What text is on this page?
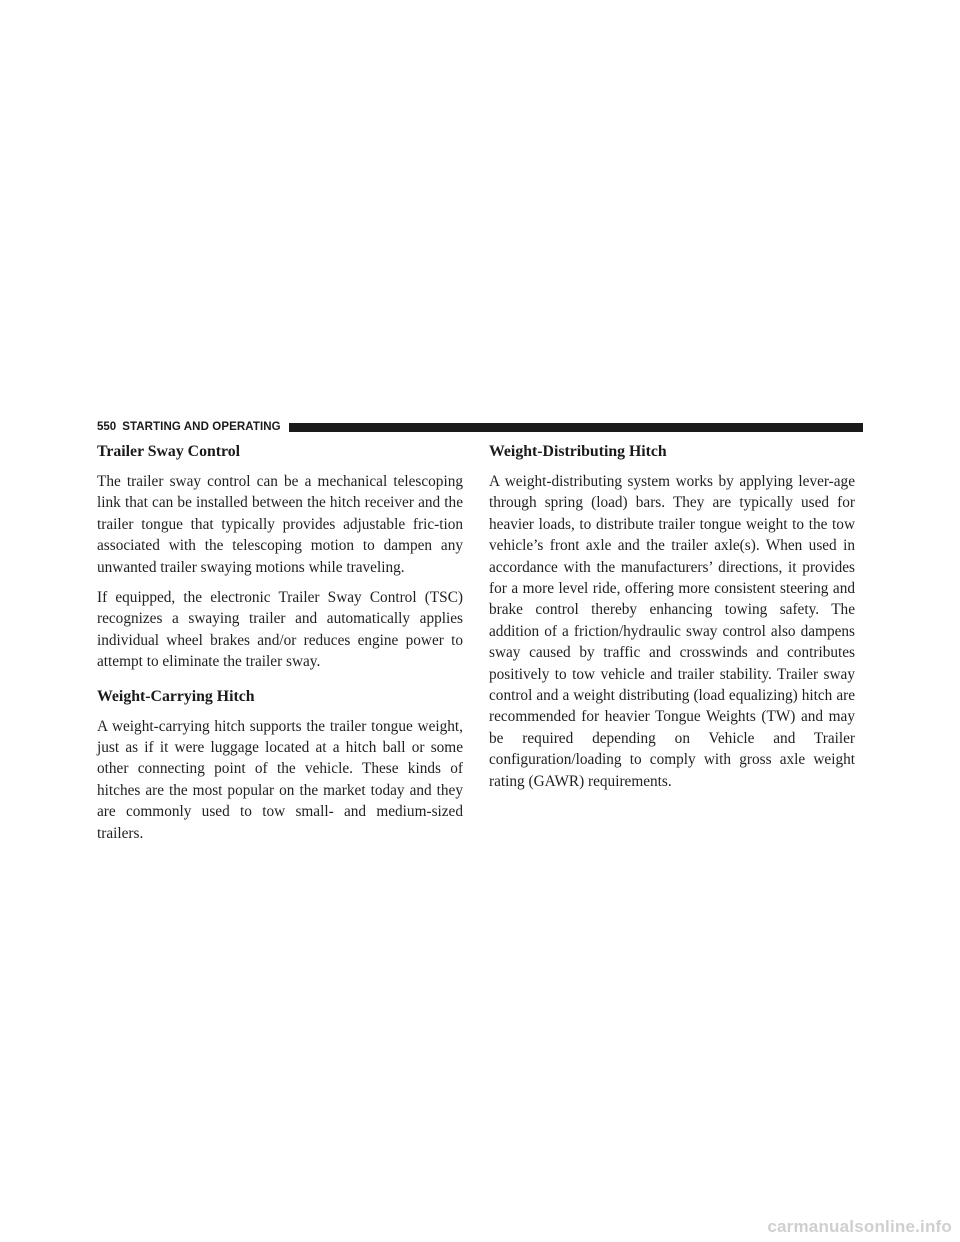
550 STARTING AND OPERATING
Trailer Sway Control

The trailer sway control can be a mechanical telescoping link that can be installed between the hitch receiver and the trailer tongue that typically provides adjustable fric-tion associated with the telescoping motion to dampen any unwanted trailer swaying motions while traveling.

If equipped, the electronic Trailer Sway Control (TSC) recognizes a swaying trailer and automatically applies individual wheel brakes and/or reduces engine power to attempt to eliminate the trailer sway.

Weight-Carrying Hitch

A weight-carrying hitch supports the trailer tongue weight, just as if it were luggage located at a hitch ball or some other connecting point of the vehicle. These kinds of hitches are the most popular on the market today and they are commonly used to tow small- and medium-sized trailers.

Weight-Distributing Hitch

A weight-distributing system works by applying lever-age through spring (load) bars. They are typically used for heavier loads, to distribute trailer tongue weight to the tow vehicle’s front axle and the trailer axle(s). When used in accordance with the manufacturers’ directions, it provides for a more level ride, offering more consistent steering and brake control thereby enhancing towing safety. The addition of a friction/hydraulic sway control also dampens sway caused by traffic and crosswinds and contributes positively to tow vehicle and trailer stability. Trailer sway control and a weight distributing (load equalizing) hitch are recommended for heavier Tongue Weights (TW) and may be required depending on Vehicle and Trailer configuration/loading to comply with gross axle weight rating (GAWR) requirements.

carmanualsonline.info
